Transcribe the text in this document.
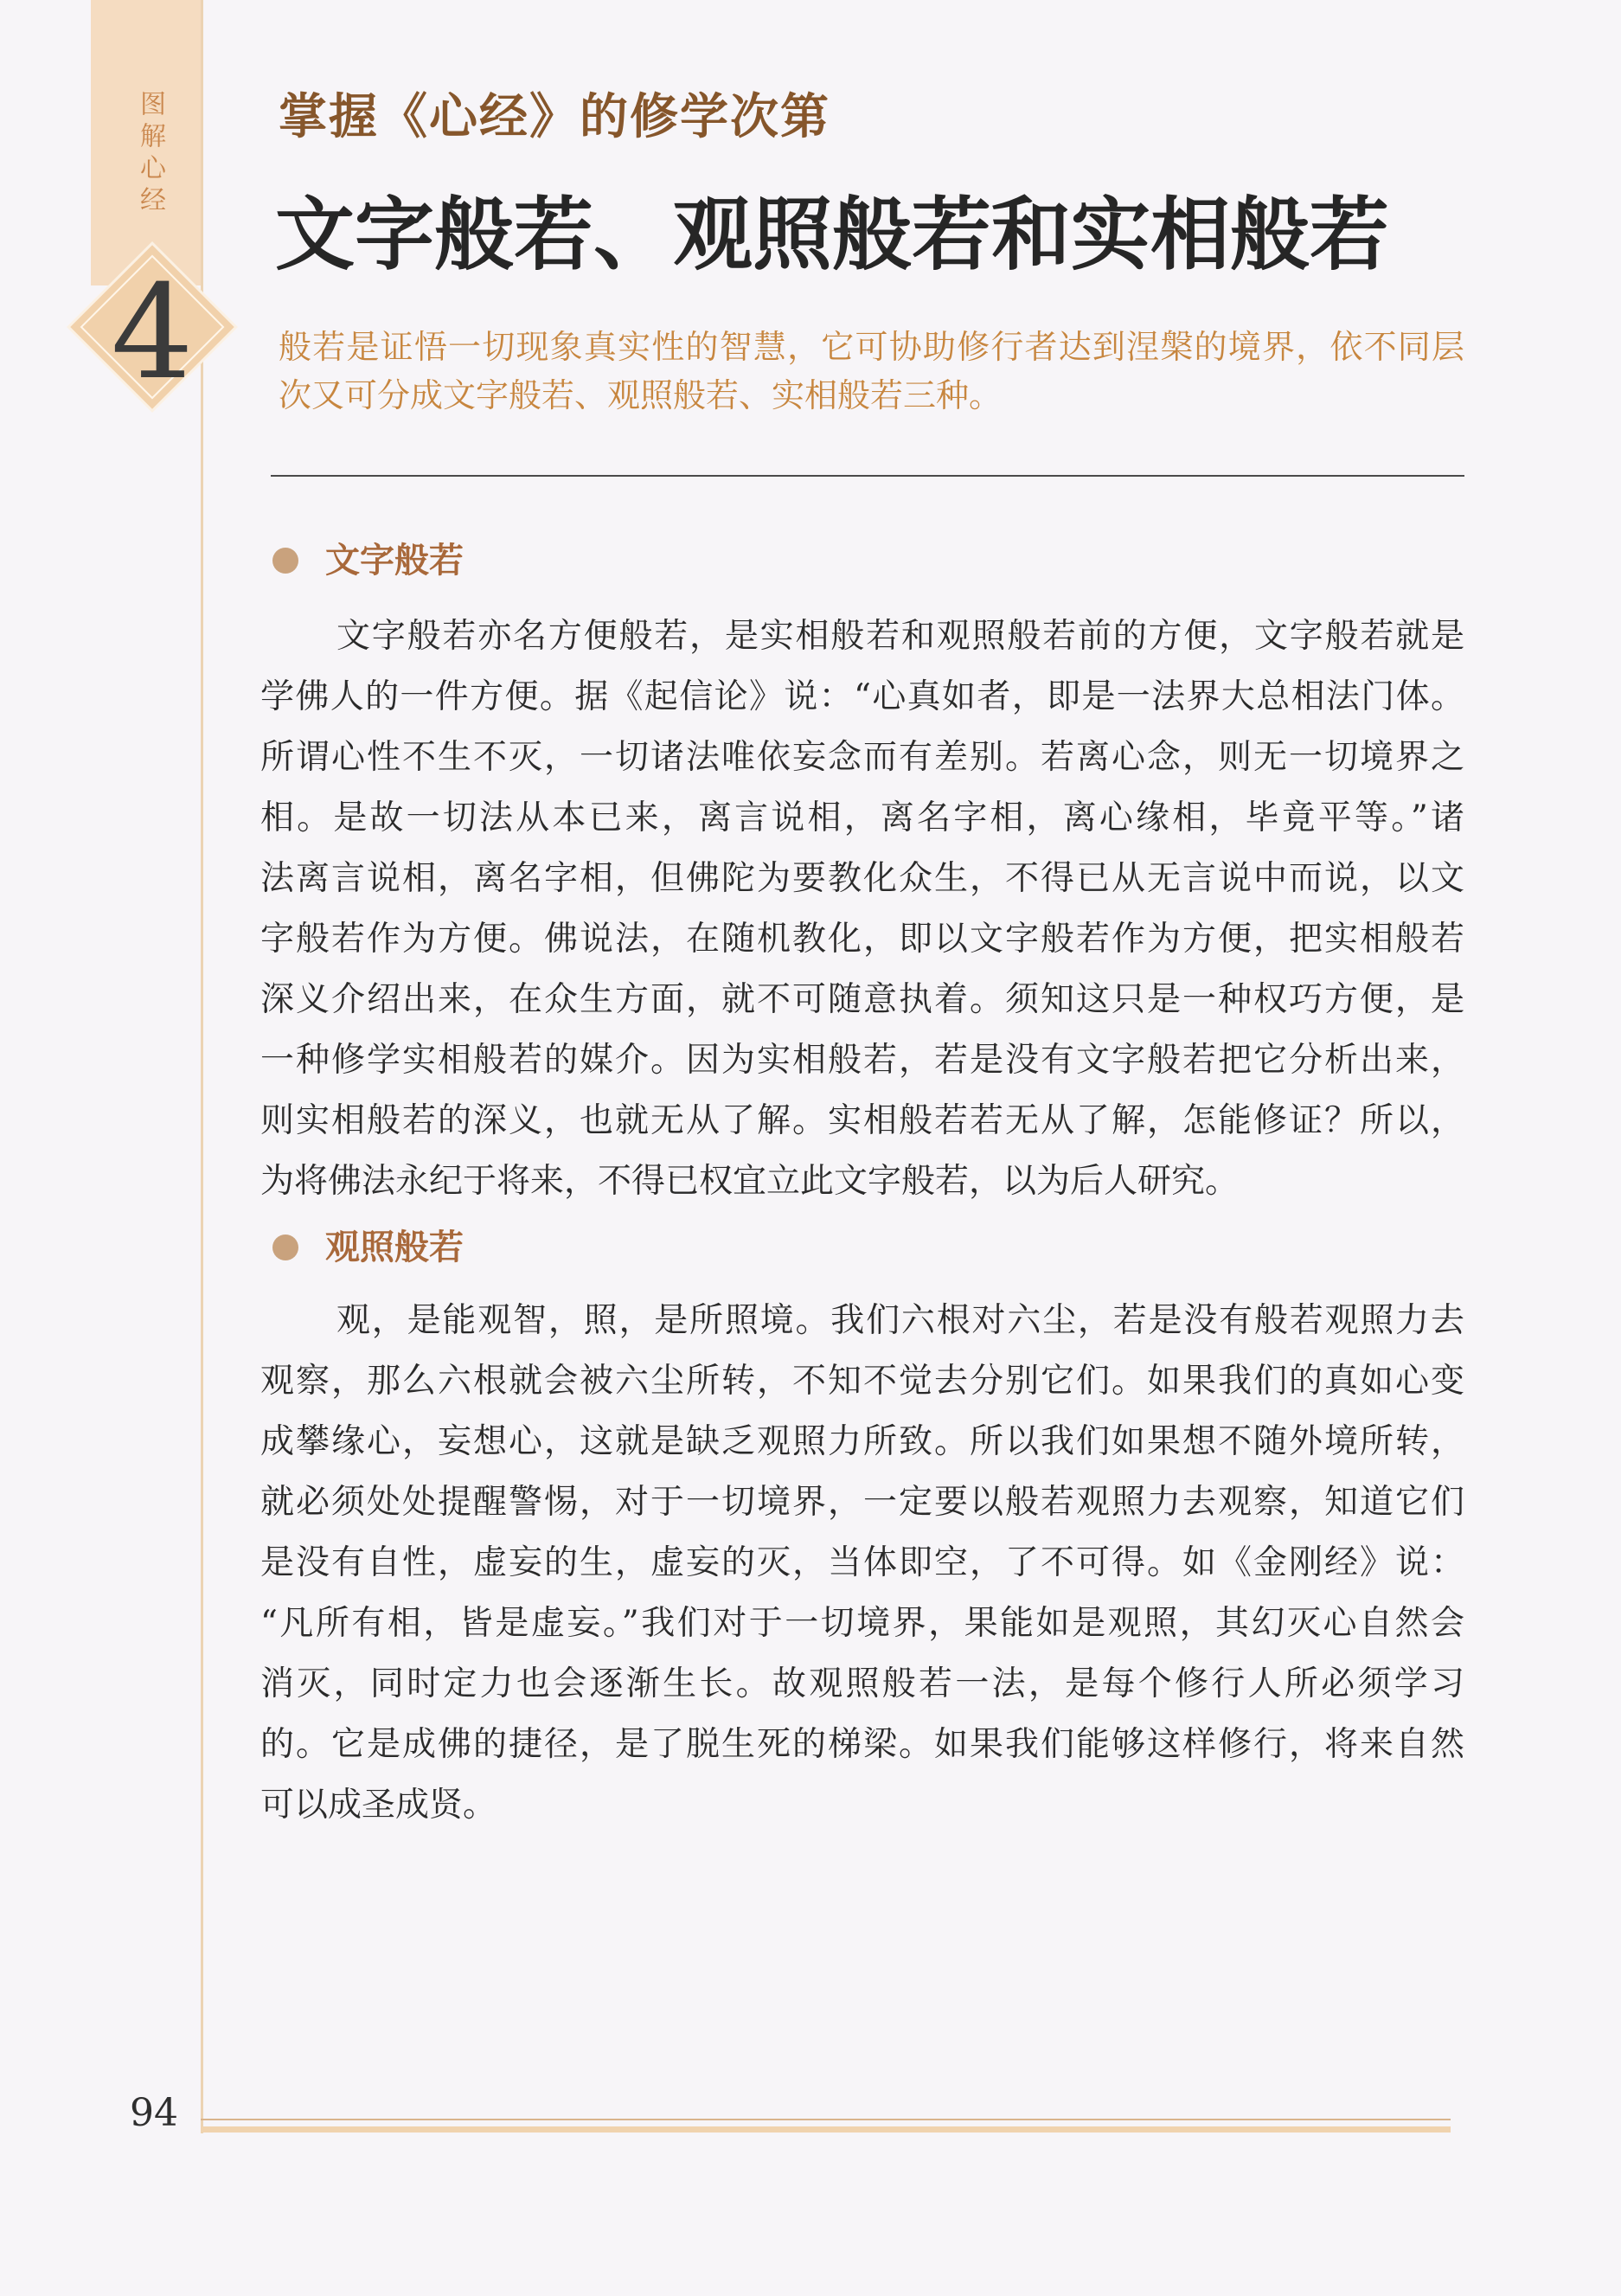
图解心经
4
掌握《心经》的修学次第
文字般若、观照般若和实相般若
般若是证悟一切现象真实性的智慧，它可协助修行者达到涅槃的境界，依不同层
次又可分成文字般若、观照般若、实相般若三种。
文字般若
文字般若亦名方便般若，是实相般若和观照般若前的方便，文字般若就是
学佛人的一件方便。据《起信论》说：“心真如者，即是一法界大总相法门体。
所谓心性不生不灭，一切诸法唯依妄念而有差别。若离心念，则无一切境界之
相。是故一切法从本已来，离言说相，离名字相，离心缘相，毕竟平等。”诸
法离言说相，离名字相，但佛陀为要教化众生，不得已从无言说中而说，以文
字般若作为方便。佛说法，在随机教化，即以文字般若作为方便，把实相般若
深义介绍出来，在众生方面，就不可随意执着。须知这只是一种权巧方便，是
一种修学实相般若的媒介。因为实相般若，若是没有文字般若把它分析出来，
则实相般若的深义，也就无从了解。实相般若若无从了解，怎能修证？所以，
为将佛法永纪于将来，不得已权宜立此文字般若，以为后人研究。
观照般若
观，是能观智，照，是所照境。我们六根对六尘，若是没有般若观照力去
观察，那么六根就会被六尘所转，不知不觉去分别它们。如果我们的真如心变
成攀缘心，妄想心，这就是缺乏观照力所致。所以我们如果想不随外境所转，
就必须处处提醒警惕，对于一切境界，一定要以般若观照力去观察，知道它们
是没有自性，虚妄的生，虚妄的灭，当体即空，了不可得。如《金刚经》说：
“凡所有相，皆是虚妄。”我们对于一切境界，果能如是观照，其幻灭心自然会
消灭，同时定力也会逐渐生长。故观照般若一法，是每个修行人所必须学习
的。它是成佛的捷径，是了脱生死的梯梁。如果我们能够这样修行，将来自然
可以成圣成贤。
94
